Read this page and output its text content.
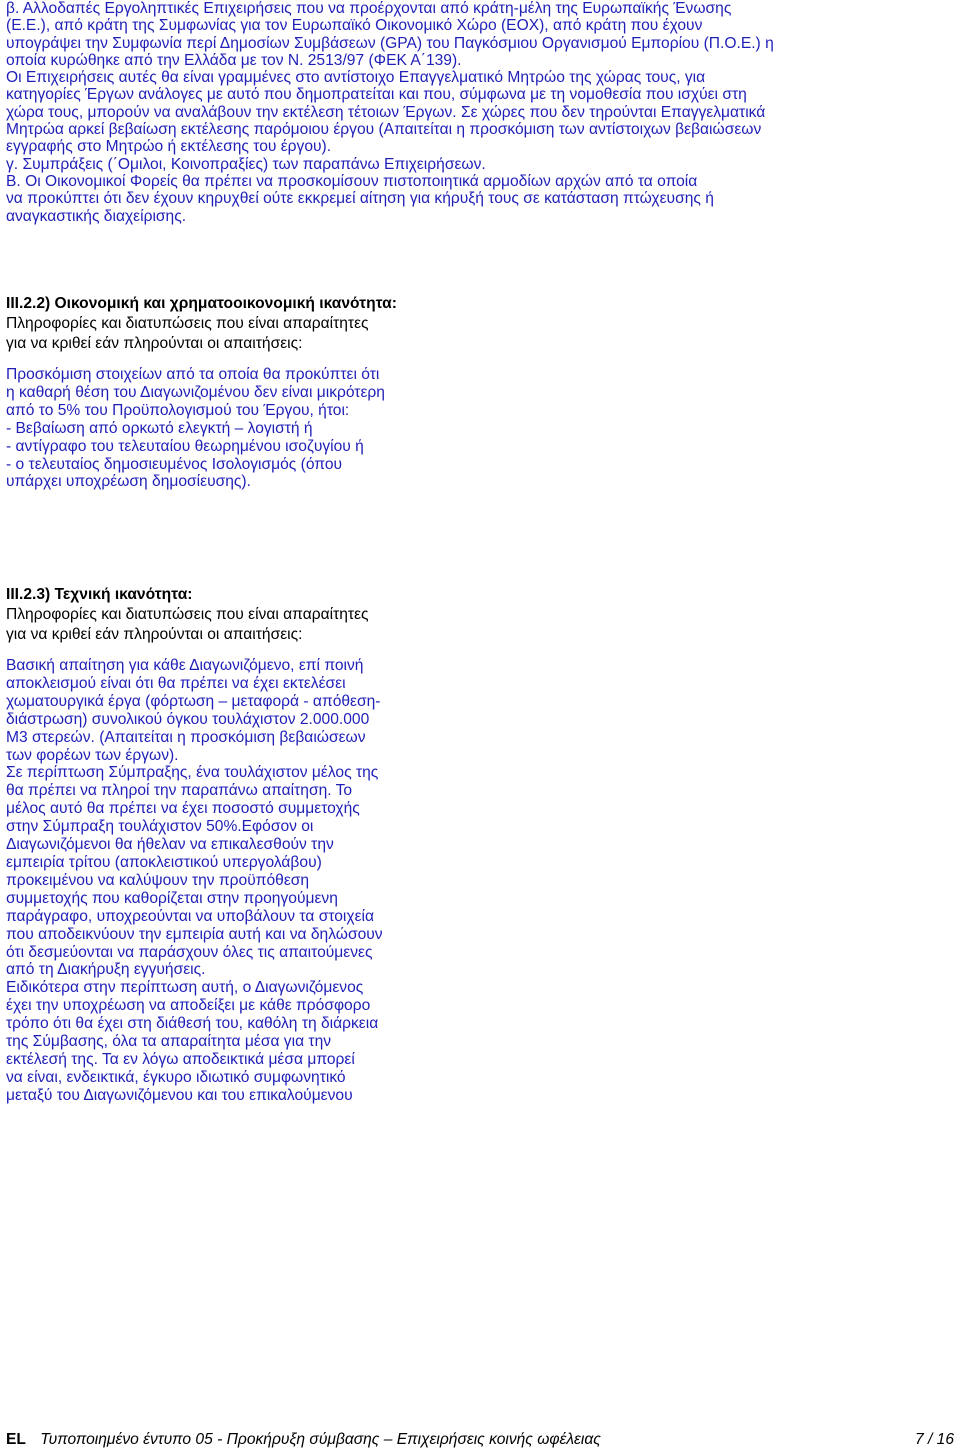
β. Αλλοδαπές Εργοληπτικές Επιχειρήσεις που να προέρχονται από κράτη-μέλη της Ευρωπαϊκής Ένωσης
(Ε.Ε.), από κράτη της Συμφωνίας για τον Ευρωπαϊκό Οικονομικό Χώρο (ΕΟΧ), από κράτη που έχουν
υπογράψει την Συμφωνία περί Δημοσίων Συμβάσεων (GPA) του Παγκόσμιου Οργανισμού Εμπορίου (Π.Ο.Ε.) η
οποία κυρώθηκε από την Ελλάδα με τον Ν. 2513/97 (ΦΕΚ Α΄139).
Οι Επιχειρήσεις αυτές θα είναι γραμμένες στο αντίστοιχο Επαγγελματικό Μητρώο της χώρας τους, για
κατηγορίες Έργων ανάλογες με αυτό που δημοπρατείται και που, σύμφωνα με τη νομοθεσία που ισχύει στη
χώρα τους, μπορούν να αναλάβουν την εκτέλεση τέτοιων Έργων. Σε χώρες που δεν τηρούνται Επαγγελματικά
Μητρώα αρκεί βεβαίωση εκτέλεσης παρόμοιου έργου (Απαιτείται η προσκόμιση των αντίστοιχων βεβαιώσεων
εγγραφής στο Μητρώο ή εκτέλεσης του έργου).
γ. Συμπράξεις (΄Ομιλοι, Κοινοπραξίες) των παραπάνω Επιχειρήσεων.
Β. Οι Οικονομικοί Φορείς θα πρέπει να προσκομίσουν πιστοποιητικά αρμοδίων αρχών από τα οποία
να προκύπτει ότι δεν έχουν κηρυχθεί ούτε εκκρεμεί αίτηση για κήρυξή τους σε κατάσταση πτώχευσης ή
αναγκαστικής διαχείρισης.
III.2.2) Οικονομική και χρηματοοικονομική ικανότητα:
Πληροφορίες και διατυπώσεις που είναι απαραίτητες
για να κριθεί εάν πληρούνται οι απαιτήσεις:
Προσκόμιση στοιχείων από τα οποία θα προκύπτει ότι
η καθαρή θέση του Διαγωνιζομένου δεν είναι μικρότερη
από το 5% του Προϋπολογισμού του Έργου, ήτοι:
- Βεβαίωση από ορκωτό ελεγκτή – λογιστή ή
- αντίγραφο του τελευταίου θεωρημένου ισοζυγίου ή
- ο τελευταίος δημοσιευμένος Ισολογισμός (όπου
υπάρχει υποχρέωση δημοσίευσης).
III.2.3) Τεχνική ικανότητα:
Πληροφορίες και διατυπώσεις που είναι απαραίτητες
για να κριθεί εάν πληρούνται οι απαιτήσεις:
Βασική απαίτηση για κάθε Διαγωνιζόμενο, επί ποινή
αποκλεισμού είναι ότι θα πρέπει να έχει εκτελέσει
χωματουργικά έργα (φόρτωση – μεταφορά - απόθεση-
διάστρωση) συνολικού όγκου τουλάχιστον 2.000.000
M3 στερεών. (Απαιτείται η προσκόμιση βεβαιώσεων
των φορέων των έργων).
Σε περίπτωση Σύμπραξης, ένα τουλάχιστον μέλος της
θα πρέπει να πληροί την παραπάνω απαίτηση. Το
μέλος αυτό θα πρέπει να έχει ποσοστό συμμετοχής
στην Σύμπραξη τουλάχιστον 50%.Εφόσον οι
Διαγωνιζόμενοι θα ήθελαν να επικαλεσθούν την
εμπειρία τρίτου (αποκλειστικού υπεργολάβου)
προκειμένου να καλύψουν την προϋπόθεση
συμμετοχής που καθορίζεται στην προηγούμενη
παράγραφο, υποχρεούνται να υποβάλουν τα στοιχεία
που αποδεικνύουν την εμπειρία αυτή και να δηλώσουν
ότι δεσμεύονται να παράσχουν όλες τις απαιτούμενες
από τη Διακήρυξη εγγυήσεις.
Ειδικότερα στην περίπτωση αυτή, ο Διαγωνιζόμενος
έχει την υποχρέωση να αποδείξει με κάθε πρόσφορο
τρόπο ότι θα έχει στη διάθεσή του, καθόλη τη διάρκεια
της Σύμβασης, όλα τα απαραίτητα μέσα για την
εκτέλεσή της. Τα εν λόγω αποδεικτικά μέσα μπορεί
να είναι, ενδεικτικά, έγκυρο ιδιωτικό συμφωνητικό
μεταξύ του Διαγωνιζόμενου και του επικαλούμενου
EL Τυποποιημένο έντυπο 05 - Προκήρυξη σύμβασης – Επιχειρήσεις κοινής ωφέλειας	7 / 16
